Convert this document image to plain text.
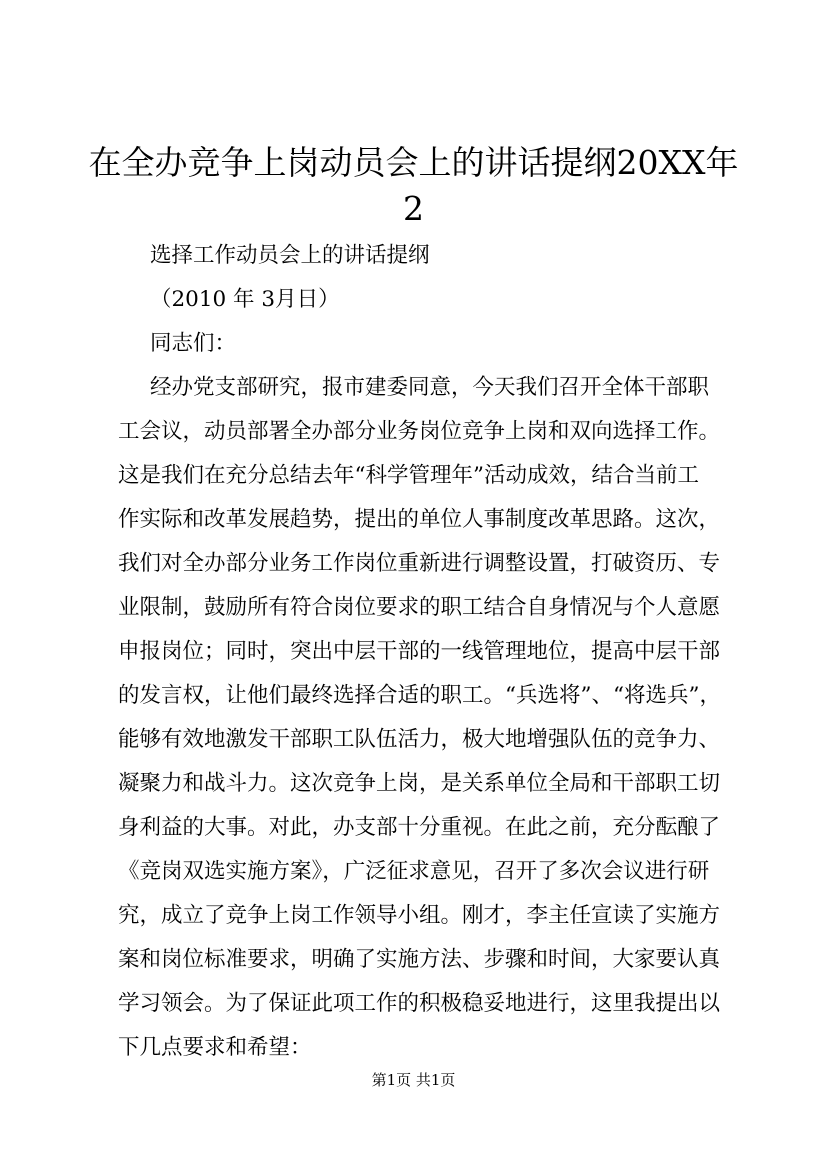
在全办竞争上岗动员会上的讲话提纲20XX年
2
选择工作动员会上的讲话提纲
（2010 年 3月日）
同志们：
经办党支部研究，报市建委同意，今天我们召开全体干部职
工会议，动员部署全办部分业务岗位竞争上岗和双向选择工作。
这是我们在充分总结去年“科学管理年”活动成效，结合当前工
作实际和改革发展趋势，提出的单位人事制度改革思路。这次，
我们对全办部分业务工作岗位重新进行调整设置，打破资历、专
业限制，鼓励所有符合岗位要求的职工结合自身情况与个人意愿
申报岗位；同时，突出中层干部的一线管理地位，提高中层干部
的发言权，让他们最终选择合适的职工。“兵选将”、“将选兵”，
能够有效地激发干部职工队伍活力，极大地增强队伍的竞争力、
凝聚力和战斗力。这次竞争上岗，是关系单位全局和干部职工切
身利益的大事。对此，办支部十分重视。在此之前，充分酝酿了
《竞岗双选实施方案》，广泛征求意见，召开了多次会议进行研
究，成立了竞争上岗工作领导小组。刚才，李主任宣读了实施方
案和岗位标准要求，明确了实施方法、步骤和时间，大家要认真
学习领会。为了保证此项工作的积极稳妥地进行，这里我提出以
下几点要求和希望：
第1页 共1页
